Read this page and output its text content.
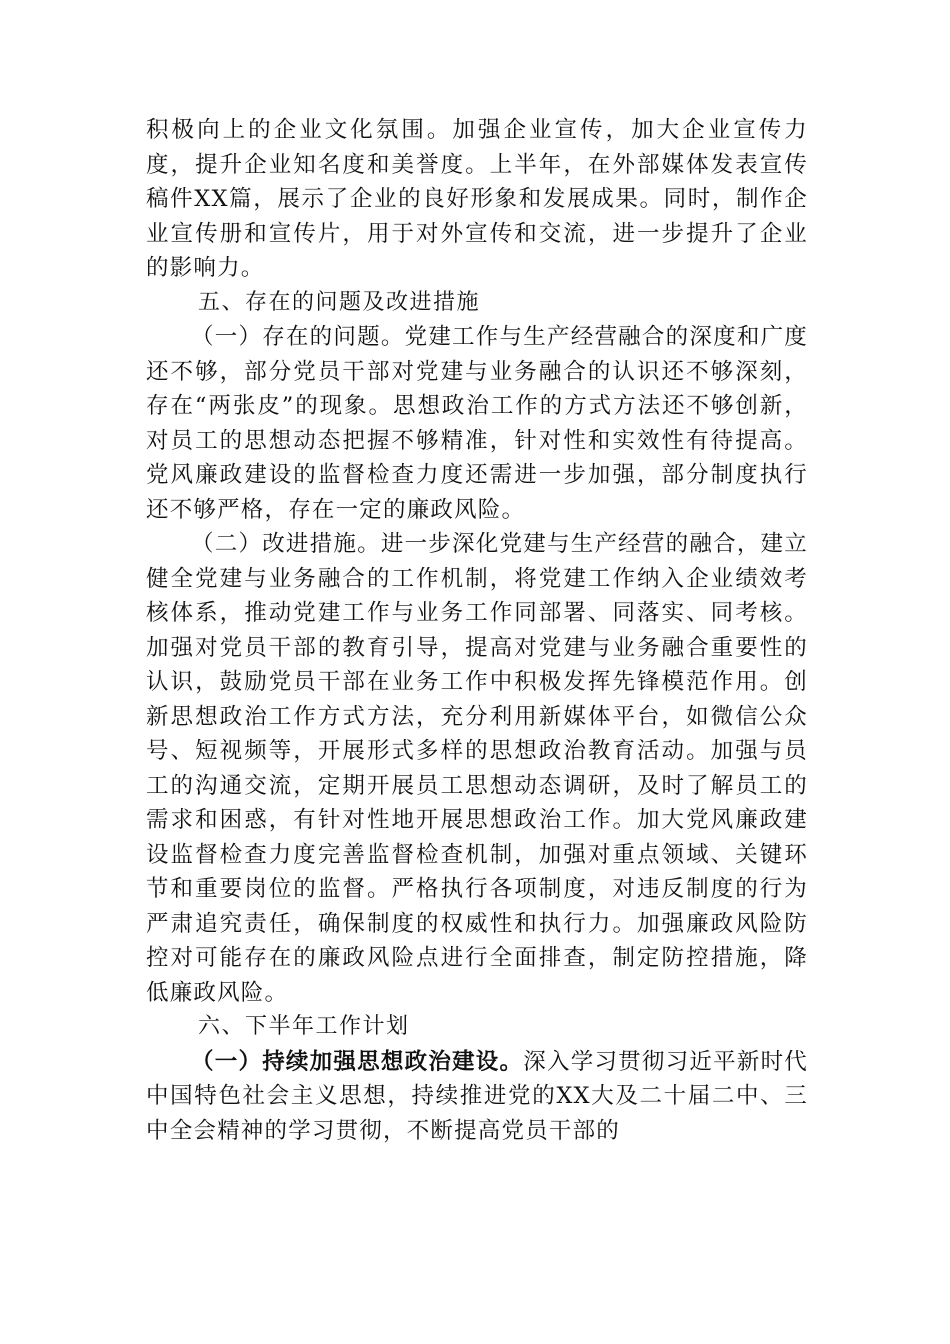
积极向上的企业文化氛围。加强企业宣传，加大企业宣传力度，提升企业知名度和美誉度。上半年，在外部媒体发表宣传稿件XX篇，展示了企业的良好形象和发展成果。同时，制作企业宣传册和宣传片，用于对外宣传和交流，进一步提升了企业的影响力。

五、存在的问题及改进措施

（一）存在的问题。党建工作与生产经营融合的深度和广度还不够，部分党员干部对党建与业务融合的认识还不够深刻，存在“两张皮”的现象。思想政治工作的方式方法还不够创新，对员工的思想动态把握不够精准，针对性和实效性有待提高。党风廉政建设的监督检查力度还需进一步加强，部分制度执行还不够严格，存在一定的廉政风险。

（二）改进措施。进一步深化党建与生产经营的融合，建立健全党建与业务融合的工作机制，将党建工作纳入企业绩效考核体系，推动党建工作与业务工作同部署、同落实、同考核。加强对党员干部的教育引导，提高对党建与业务融合重要性的认识，鼓励党员干部在业务工作中积极发挥先锋模范作用。创新思想政治工作方式方法，充分利用新媒体平台，如微信公众号、短视频等，开展形式多样的思想政治教育活动。加强与员工的沟通交流，定期开展员工思想动态调研，及时了解员工的需求和困惑，有针对性地开展思想政治工作。加大党风廉政建设监督检查力度完善监督检查机制，加强对重点领域、关键环节和重要岗位的监督。严格执行各项制度，对违反制度的行为严肃追究责任，确保制度的权威性和执行力。加强廉政风险防控对可能存在的廉政风险点进行全面排查，制定防控措施，降低廉政风险。

六、下半年工作计划

（一）持续加强思想政治建设。深入学习贯彻习近平新时代中国特色社会主义思想，持续推进党的XX大及二十届二中、三中全会精神的学习贯彻，不断提高党员干部的
